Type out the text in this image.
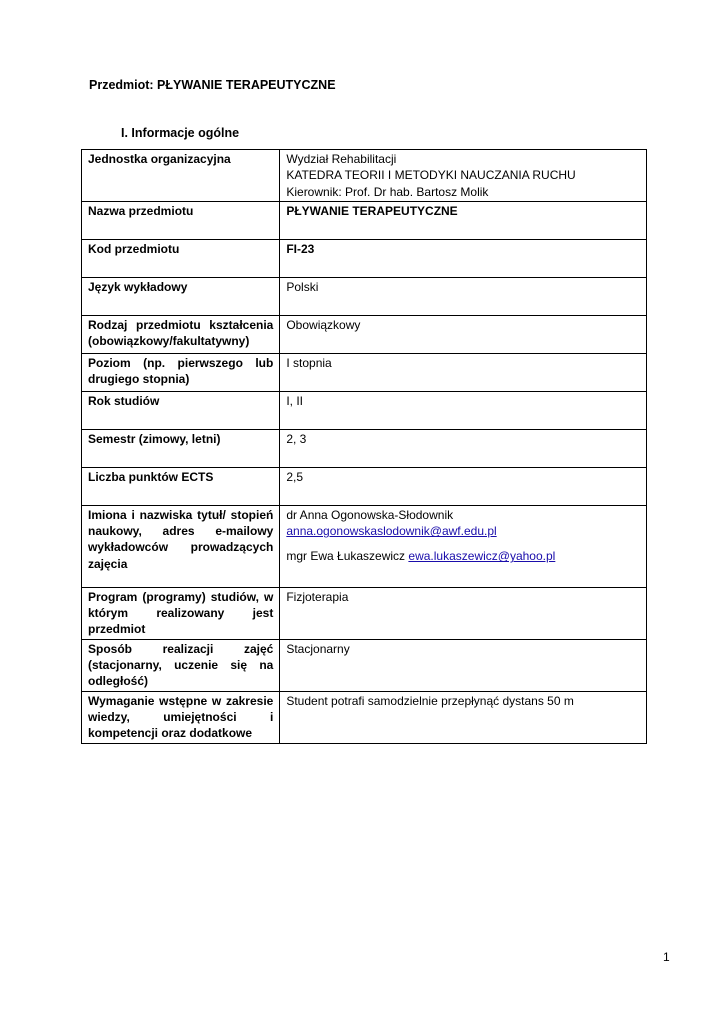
Przedmiot: PŁYWANIE TERAPEUTYCZNE
I. Informacje ogólne
Jednostka organizacyjna	Wydział Rehabilitacji
KATEDRA TEORII I METODYKI NAUCZANIA RUCHU
Kierownik: Prof. Dr hab. Bartosz Molik

Nazwa przedmiotu	PŁYWANIE TERAPEUTYCZNE
Kod przedmiotu	FI-23
Język wykładowy	Polski
Rodzaj przedmiotu kształcenia (obowiązkowy/fakultatywny)	Obowiązkowy
Poziom (np. pierwszego lub drugiego stopnia)	I stopnia
Rok studiów	I, II
Semestr (zimowy, letni)	2, 3
Liczba punktów ECTS	2,5
Imiona i nazwiska tytuł/ stopień naukowy, adres e-mailowy wykładowców prowadzących zajęcia	dr Anna Ogonowska-Słodownik
anna.ogonowskaslodownik@awf.edu.pl
mgr Ewa Łukaszewicz ewa.lukaszewicz@yahoo.pl

Program (programy) studiów, w którym realizowany jest przedmiot	Fizjoterapia
Sposób realizacji zajęć (stacjonarny, uczenie się na odległość)	Stacjonarny
Wymaganie wstępne w zakresie wiedzy, umiejętności i kompetencji oraz dodatkowe	Student potrafi samodzielnie przepłynąć dystans 50 m
1
